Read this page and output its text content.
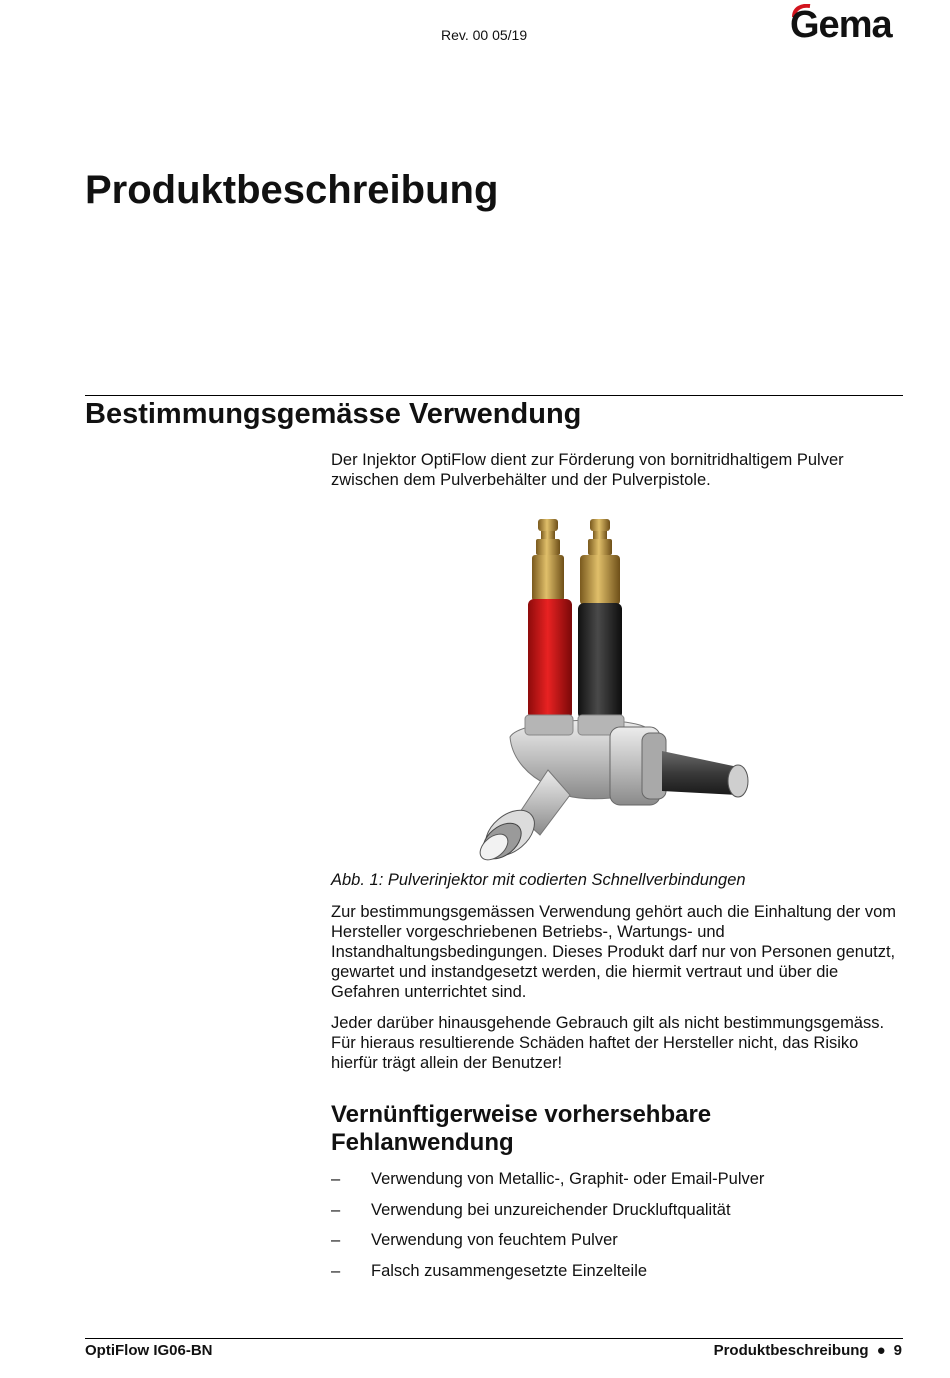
Rev. 00 05/19	Gema
Produktbeschreibung
Bestimmungsgemässe Verwendung

Der Injektor OptiFlow dient zur Förderung von bornitridhaltigem Pulver zwischen dem Pulverbehälter und der Pulverpistole.

Abb. 1: Pulverinjektor mit codierten Schnellverbindungen

Zur bestimmungsgemässen Verwendung gehört auch die Einhaltung der vom Hersteller vorgeschriebenen Betriebs-, Wartungs- und Instandhaltungsbedingungen. Dieses Produkt darf nur von Personen genutzt, gewartet und instandgesetzt werden, die hiermit vertraut und über die Gefahren unterrichtet sind.

Jeder darüber hinausgehende Gebrauch gilt als nicht bestimmungsgemäss. Für hieraus resultierende Schäden haftet der Hersteller nicht, das Risiko hierfür trägt allein der Benutzer!

Vernünftigerweise vorhersehbare Fehlanwendung
– Verwendung von Metallic-, Graphit- oder Email-Pulver
– Verwendung bei unzureichender Druckluftqualität
– Verwendung von feuchtem Pulver
– Falsch zusammengesetzte Einzelteile
OptiFlow IG06-BN	Produktbeschreibung ● 9
